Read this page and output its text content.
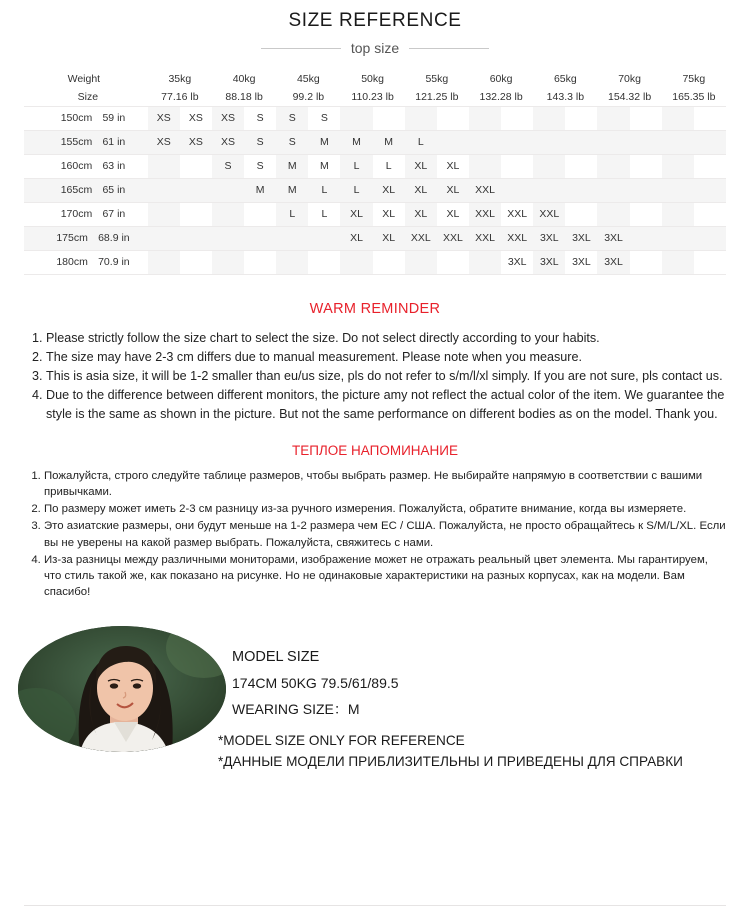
SIZE REFERENCE
top size
Weight	35kg		40kg		45kg		50kg		55kg		60kg		65kg		70kg		75kg	
Size	77.16 lb		88.18 lb		99.2 lb		110.23 lb		121.25 lb		132.28 lb		143.3 lb		154.32 lb		165.35 lb	
150cm 59 in	XS	XS	XS	S	S	S												
155cm 61 in	XS	XS	XS	S	S	M	M	M	L									
160cm 63 in			S	S	M	M	L	L	XL	XL								
165cm 65 in				M	M	L	L	XL	XL	XL	XXL							
170cm 67 in					L	L	XL	XL	XL	XL	XXL	XXL	XXL					
175cm 68.9 in							XL	XL	XXL	XXL	XXL	XXL	3XL	3XL	3XL			
180cm 70.9 in												3XL	3XL	3XL	3XL			
WARM REMINDER
1. Please strictly follow the size chart to select the size. Do not select directly according to your habits.
2. The size may have 2-3 cm differs due to manual measurement. Please note when you measure.
3. This is asia size, it will be 1-2 smaller than eu/us size, pls do not refer to s/m/l/xl simply. If you are not sure, pls contact us.
4. Due to the difference between different monitors, the picture amy not reflect the actual color of the item. We guarantee the style is the same as shown in the picture. But not the same performance on different bodies as on the model. Thank you.
ТЕПЛОЕ НАПОМИНАНИЕ
1. Пожалуйста, строго следуйте таблице размеров, чтобы выбрать размер. Не выбирайте напрямую в соответствии с вашими привычками.
2. По размеру может иметь 2-3 см разницу из-за ручного измерения. Пожалуйста, обратите внимание, когда вы измеряете.
3. Это азиатские размеры, они будут меньше на 1-2 размера чем ЕС / США. Пожалуйста, не просто обращайтесь к S/M/L/XL. Если вы не уверены на какой размер выбрать. Пожалуйста, свяжитесь с нами.
4. Из-за разницы между различными мониторами, изображение может не отражать реальный цвет элемента. Мы гарантируем, что стиль такой же, как показано на рисунке. Но не одинаковые характеристики на разных корпусах, как на модели. Вам спасибо!
MODEL SIZE
174CM 50KG 79.5/61/89.5
WEARING SIZE：M
*MODEL SIZE ONLY FOR REFERENCE
*ДАННЫЕ МОДЕЛИ ПРИБЛИЗИТЕЛЬНЫ И ПРИВЕДЕНЫ ДЛЯ СПРАВКИ
